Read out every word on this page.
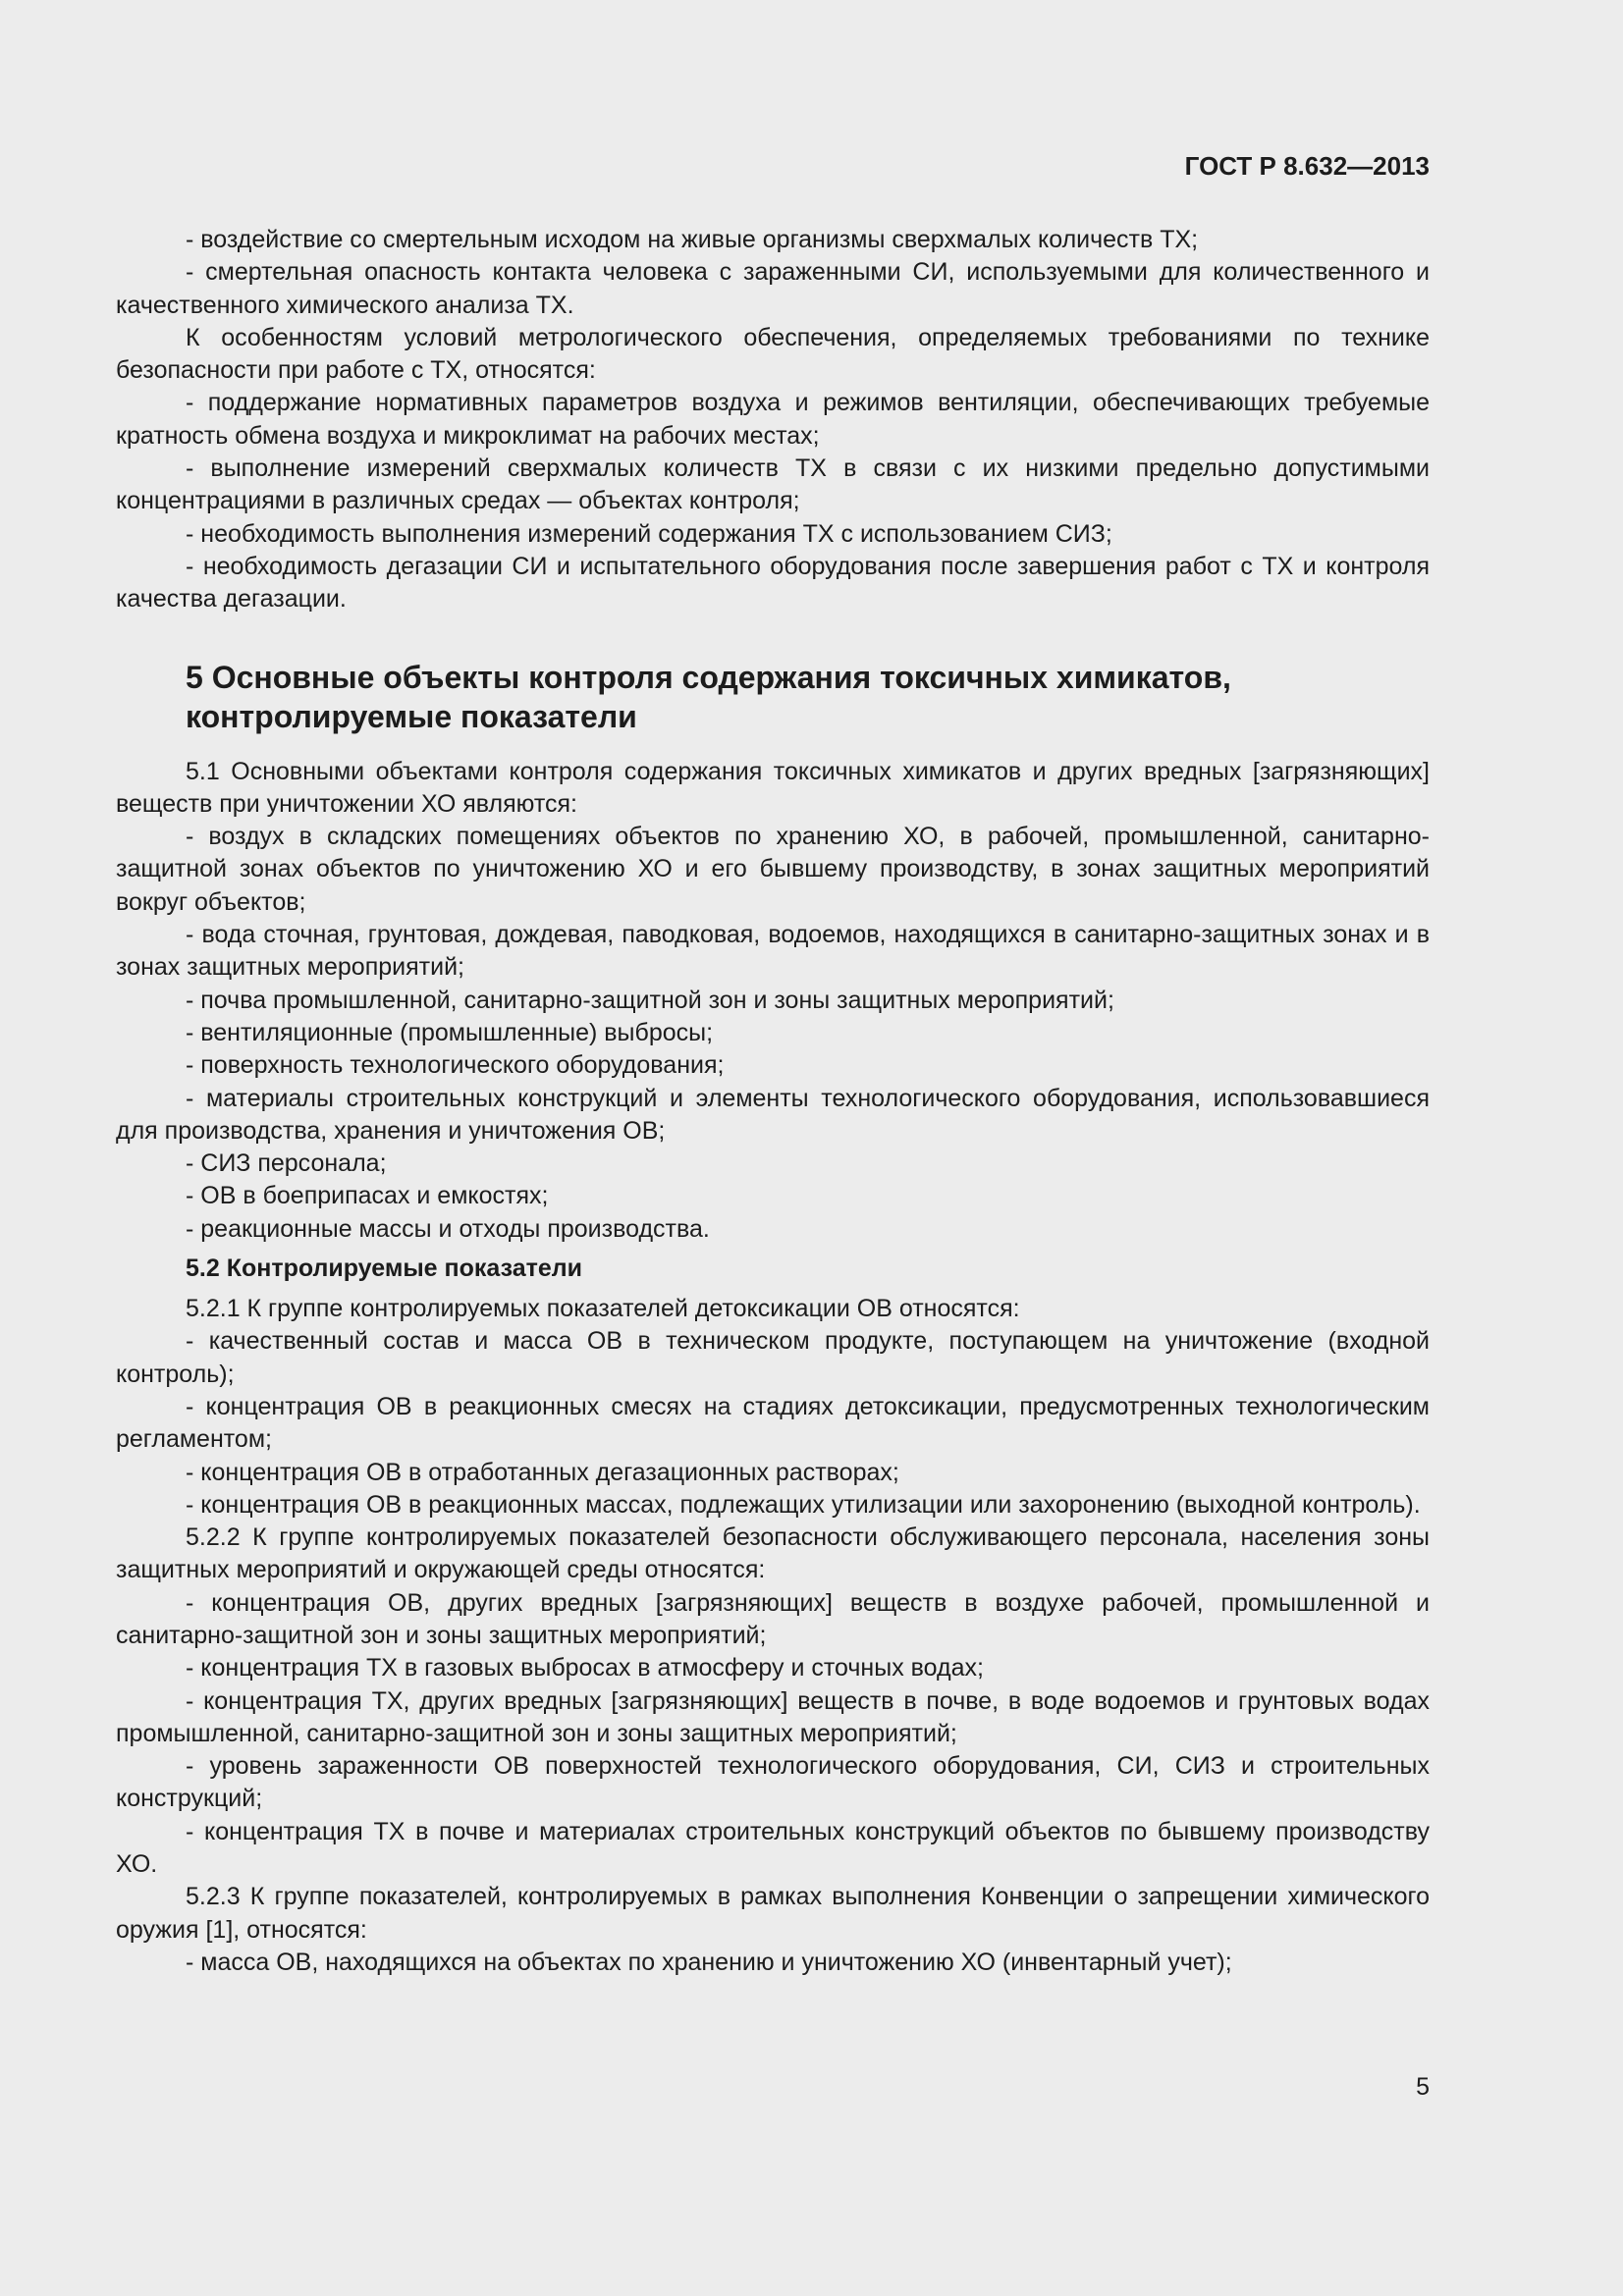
ГОСТ Р 8.632—2013

- воздействие со смертельным исходом на живые организмы сверхмалых количеств ТХ;

- смертельная опасность контакта человека с зараженными СИ, используемыми для количественного и качественного химического анализа ТХ.

К особенностям условий метрологического обеспечения, определяемых требованиями по технике безопасности при работе с ТХ, относятся:

- поддержание нормативных параметров воздуха и режимов вентиляции, обеспечивающих требуемые кратность обмена воздуха и микроклимат на рабочих местах;

- выполнение измерений сверхмалых количеств ТХ в связи с их низкими предельно допустимыми концентрациями в различных средах — объектах контроля;

- необходимость выполнения измерений содержания ТХ с использованием СИЗ;

- необходимость дегазации СИ и испытательного оборудования после завершения работ с ТХ и контроля качества дегазации.

5 Основные объекты контроля содержания токсичных химикатов,
контролируемые показатели

5.1 Основными объектами контроля содержания токсичных химикатов и других вредных [загрязняющих] веществ при уничтожении ХО являются:

- воздух в складских помещениях объектов по хранению ХО, в рабочей, промышленной, санитарно-защитной зонах объектов по уничтожению ХО и его бывшему производству, в зонах защитных мероприятий вокруг объектов;

- вода сточная, грунтовая, дождевая, паводковая, водоемов, находящихся в санитарно-защитных зонах и в зонах защитных мероприятий;

- почва промышленной, санитарно-защитной зон и зоны защитных мероприятий;

- вентиляционные (промышленные) выбросы;

- поверхность технологического оборудования;

- материалы строительных конструкций и элементы технологического оборудования, использовавшиеся для производства, хранения и уничтожения ОВ;

- СИЗ персонала;

- ОВ в боеприпасах и емкостях;

- реакционные массы и отходы производства.

5.2 Контролируемые показатели

5.2.1 К группе контролируемых показателей детоксикации ОВ относятся:

- качественный состав и масса ОВ в техническом продукте, поступающем на уничтожение (входной контроль);

- концентрация ОВ в реакционных смесях на стадиях детоксикации, предусмотренных технологическим регламентом;

- концентрация ОВ в отработанных дегазационных растворах;

- концентрация ОВ в реакционных массах, подлежащих утилизации или захоронению (выходной контроль).

5.2.2 К группе контролируемых показателей безопасности обслуживающего персонала, населения зоны защитных мероприятий и окружающей среды относятся:

- концентрация ОВ, других вредных [загрязняющих] веществ в воздухе рабочей, промышленной и санитарно-защитной зон и зоны защитных мероприятий;

- концентрация ТХ в газовых выбросах в атмосферу и сточных водах;

- концентрация ТХ, других вредных [загрязняющих] веществ в почве, в воде водоемов и грунтовых водах промышленной, санитарно-защитной зон и зоны защитных мероприятий;

- уровень зараженности ОВ поверхностей технологического оборудования, СИ, СИЗ и строительных конструкций;

- концентрация ТХ в почве и материалах строительных конструкций объектов по бывшему производству ХО.

5.2.3 К группе показателей, контролируемых в рамках выполнения Конвенции о запрещении химического оружия [1], относятся:

- масса ОВ, находящихся на объектах по хранению и уничтожению ХО (инвентарный учет);

5
